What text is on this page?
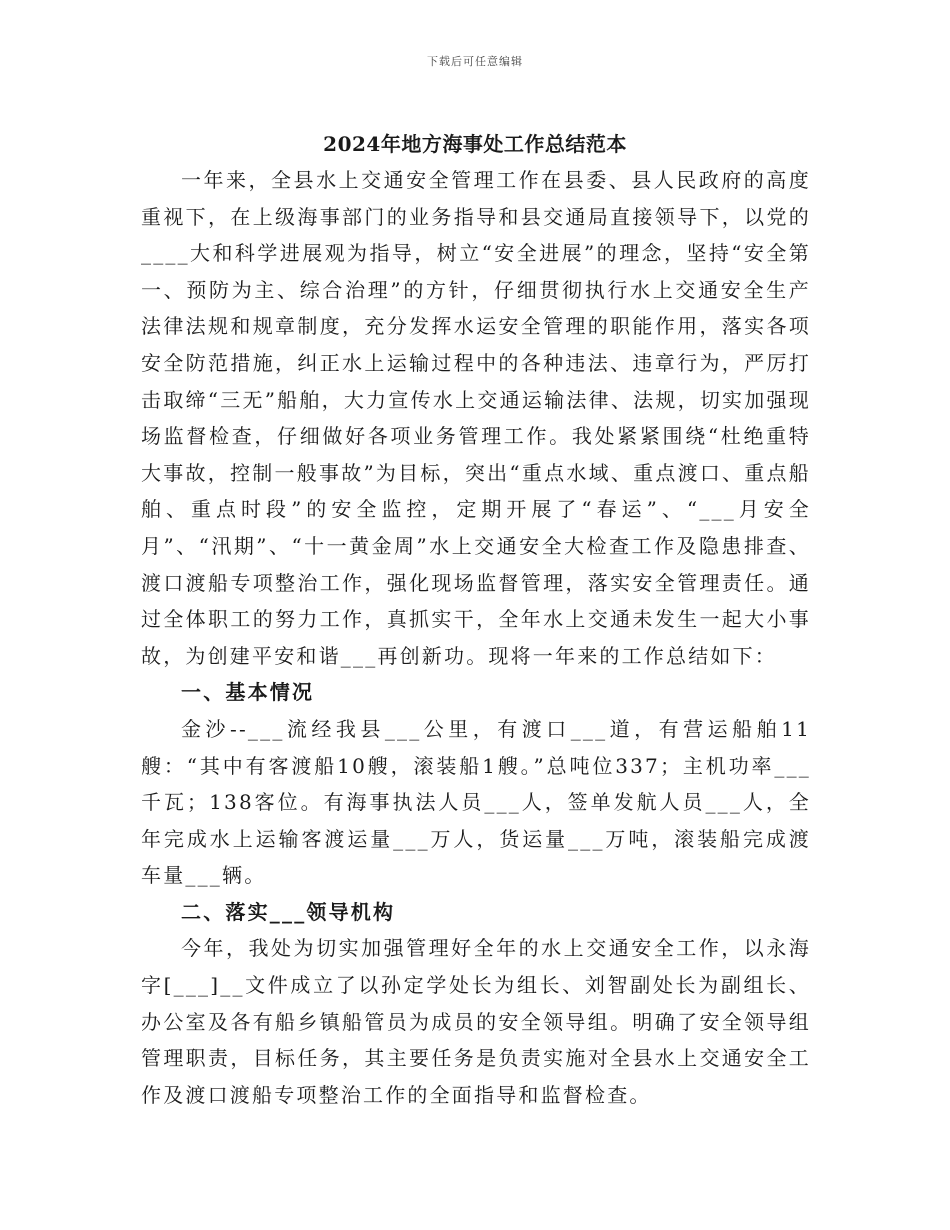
下载后可任意编辑
2024年地方海事处工作总结范本

一年来，全县水上交通安全管理工作在县委、县人民政府的高度重视下，在上级海事部门的业务指导和县交通局直接领导下，以党的____大和科学进展观为指导，树立“安全进展”的理念，坚持“安全第一、预防为主、综合治理”的方针，仔细贯彻执行水上交通安全生产法律法规和规章制度，充分发挥水运安全管理的职能作用，落实各项安全防范措施，纠正水上运输过程中的各种违法、违章行为，严厉打击取缔“三无”船舶，大力宣传水上交通运输法律、法规，切实加强现场监督检查，仔细做好各项业务管理工作。我处紧紧围绕“杜绝重特大事故，控制一般事故”为目标，突出“重点水域、重点渡口、重点船舶、重点时段”的安全监控，定期开展了“春运”、“___月安全月”、“汛期”、“十一黄金周”水上交通安全大检查工作及隐患排查、渡口渡船专项整治工作，强化现场监督管理，落实安全管理责任。通过全体职工的努力工作，真抓实干，全年水上交通未发生一起大小事故，为创建平安和谐___再创新功。现将一年来的工作总结如下：

一、基本情况

金沙--___流经我县___公里，有渡口___道，有营运船舶11艘：“其中有客渡船10艘，滚装船1艘。”总吨位337；主机功率___千瓦；138客位。有海事执法人员___人，签单发航人员___人，全年完成水上运输客渡运量___万人，货运量___万吨，滚装船完成渡车量___辆。

二、落实___领导机构

今年，我处为切实加强管理好全年的水上交通安全工作，以永海字[___]__文件成立了以孙定学处长为组长、刘智副处长为副组长、办公室及各有船乡镇船管员为成员的安全领导组。明确了安全领导组管理职责，目标任务，其主要任务是负责实施对全县水上交通安全工作及渡口渡船专项整治工作的全面指导和监督检查。
